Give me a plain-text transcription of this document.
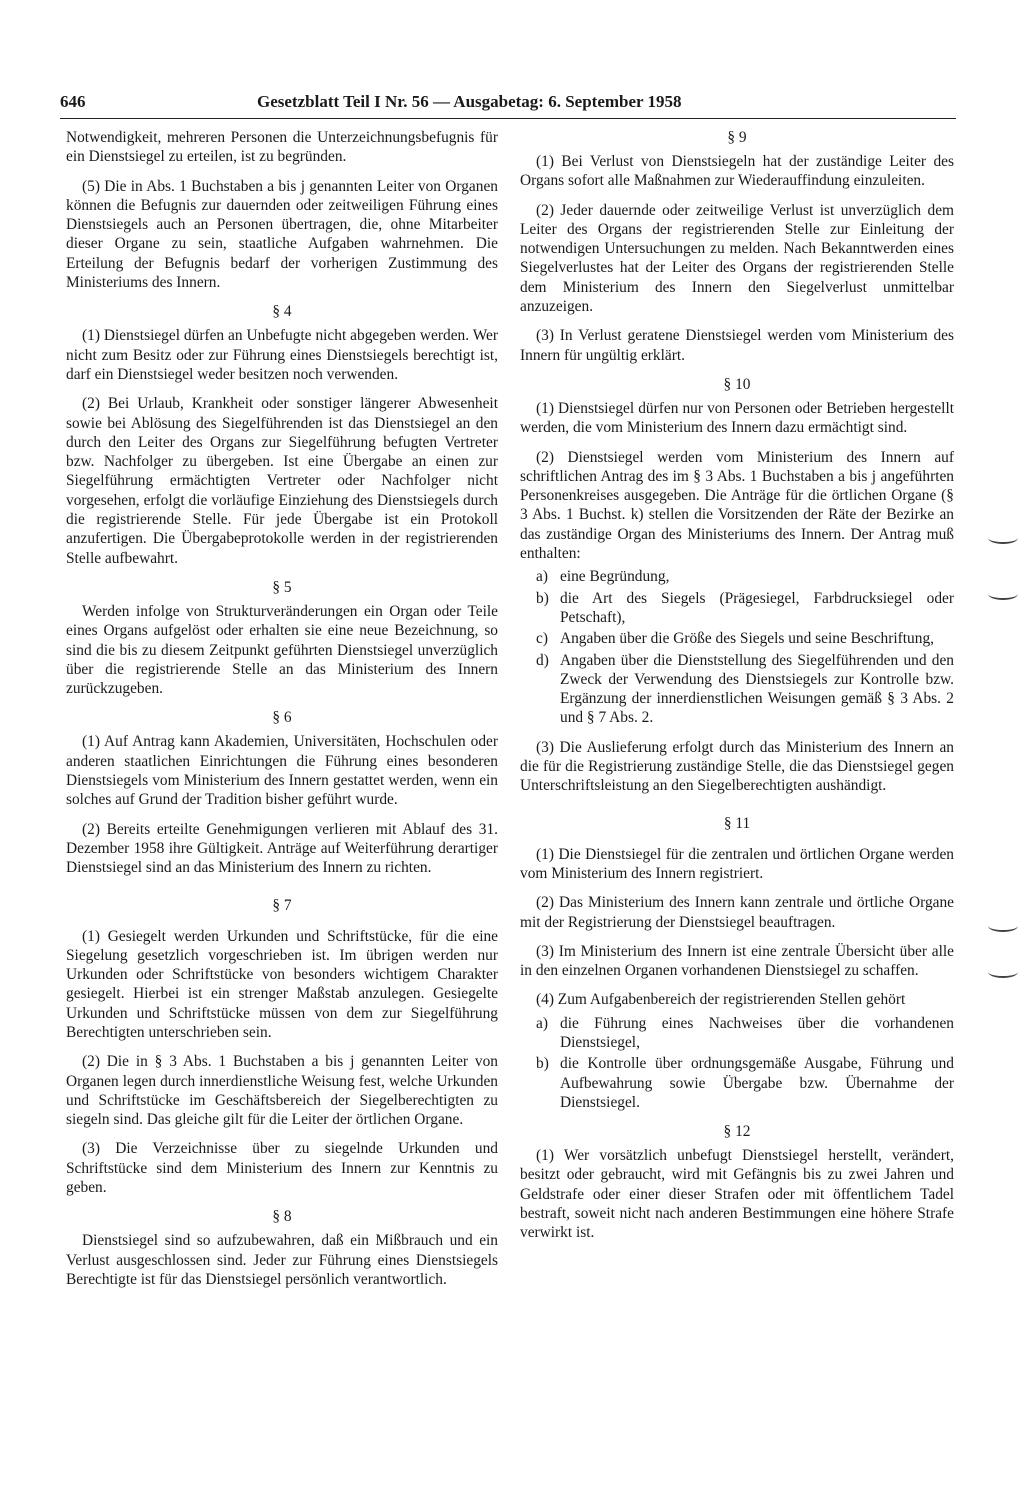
646	Gesetzblatt Teil I Nr. 56 — Ausgabetag: 6. September 1958

Notwendigkeit, mehreren Personen die Unterzeichnungsbefugnis für ein Dienstsiegel zu erteilen, ist zu begründen.

(5) Die in Abs. 1 Buchstaben a bis j genannten Leiter von Organen können die Befugnis zur dauernden oder zeitweiligen Führung eines Dienstsiegels auch an Personen übertragen, die, ohne Mitarbeiter dieser Organe zu sein, staatliche Aufgaben wahrnehmen. Die Erteilung der Befugnis bedarf der vorherigen Zustimmung des Ministeriums des Innern.

§ 4

(1) Dienstsiegel dürfen an Unbefugte nicht abgegeben werden. Wer nicht zum Besitz oder zur Führung eines Dienstsiegels berechtigt ist, darf ein Dienstsiegel weder besitzen noch verwenden.

(2) Bei Urlaub, Krankheit oder sonstiger längerer Abwesenheit sowie bei Ablösung des Siegelführenden ist das Dienstsiegel an den durch den Leiter des Organs zur Siegelführung befugten Vertreter bzw. Nachfolger zu übergeben. Ist eine Übergabe an einen zur Siegelführung ermächtigten Vertreter oder Nachfolger nicht vorgesehen, erfolgt die vorläufige Einziehung des Dienstsiegels durch die registrierende Stelle. Für jede Übergabe ist ein Protokoll anzufertigen. Die Übergabeprotokolle werden in der registrierenden Stelle aufbewahrt.

§ 5

Werden infolge von Strukturveränderungen ein Organ oder Teile eines Organs aufgelöst oder erhalten sie eine neue Bezeichnung, so sind die bis zu diesem Zeitpunkt geführten Dienstsiegel unverzüglich über die registrierende Stelle an das Ministerium des Innern zurückzugeben.

§ 6

(1) Auf Antrag kann Akademien, Universitäten, Hochschulen oder anderen staatlichen Einrichtungen die Führung eines besonderen Dienstsiegels vom Ministerium des Innern gestattet werden, wenn ein solches auf Grund der Tradition bisher geführt wurde.

(2) Bereits erteilte Genehmigungen verlieren mit Ablauf des 31. Dezember 1958 ihre Gültigkeit. Anträge auf Weiterführung derartiger Dienstsiegel sind an das Ministerium des Innern zu richten.

§ 7

(1) Gesiegelt werden Urkunden und Schriftstücke, für die eine Siegelung gesetzlich vorgeschrieben ist. Im übrigen werden nur Urkunden oder Schriftstücke von besonders wichtigem Charakter gesiegelt. Hierbei ist ein strenger Maßstab anzulegen. Gesiegelte Urkunden und Schriftstücke müssen von dem zur Siegelführung Berechtigten unterschrieben sein.

(2) Die in § 3 Abs. 1 Buchstaben a bis j genannten Leiter von Organen legen durch innerdienstliche Weisung fest, welche Urkunden und Schriftstücke im Geschäftsbereich der Siegelberechtigten zu siegeln sind. Das gleiche gilt für die Leiter der örtlichen Organe.

(3) Die Verzeichnisse über zu siegelnde Urkunden und Schriftstücke sind dem Ministerium des Innern zur Kenntnis zu geben.

§ 8

Dienstsiegel sind so aufzubewahren, daß ein Mißbrauch und ein Verlust ausgeschlossen sind. Jeder zur Führung eines Dienstsiegels Berechtigte ist für das Dienstsiegel persönlich verantwortlich.

§ 9

(1) Bei Verlust von Dienstsiegeln hat der zuständige Leiter des Organs sofort alle Maßnahmen zur Wiederauffindung einzuleiten.

(2) Jeder dauernde oder zeitweilige Verlust ist unverzüglich dem Leiter des Organs der registrierenden Stelle zur Einleitung der notwendigen Untersuchungen zu melden. Nach Bekanntwerden eines Siegelverlustes hat der Leiter des Organs der registrierenden Stelle dem Ministerium des Innern den Siegelverlust unmittelbar anzuzeigen.

(3) In Verlust geratene Dienstsiegel werden vom Ministerium des Innern für ungültig erklärt.

§ 10

(1) Dienstsiegel dürfen nur von Personen oder Betrieben hergestellt werden, die vom Ministerium des Innern dazu ermächtigt sind.

(2) Dienstsiegel werden vom Ministerium des Innern auf schriftlichen Antrag des im § 3 Abs. 1 Buchstaben a bis j angeführten Personenkreises ausgegeben. Die Anträge für die örtlichen Organe (§ 3 Abs. 1 Buchst. k) stellen die Vorsitzenden der Räte der Bezirke an das zuständige Organ des Ministeriums des Innern. Der Antrag muß enthalten:

a) eine Begründung,
b) die Art des Siegels (Prägesiegel, Farbdrucksiegel oder Petschaft),
c) Angaben über die Größe des Siegels und seine Beschriftung,
d) Angaben über die Dienststellung des Siegelführenden und den Zweck der Verwendung des Dienstsiegels zur Kontrolle bzw. Ergänzung der innerdienstlichen Weisungen gemäß § 3 Abs. 2 und § 7 Abs. 2.

(3) Die Auslieferung erfolgt durch das Ministerium des Innern an die für die Registrierung zuständige Stelle, die das Dienstsiegel gegen Unterschriftsleistung an den Siegelberechtigten aushändigt.

§ 11

(1) Die Dienstsiegel für die zentralen und örtlichen Organe werden vom Ministerium des Innern registriert.

(2) Das Ministerium des Innern kann zentrale und örtliche Organe mit der Registrierung der Dienstsiegel beauftragen.

(3) Im Ministerium des Innern ist eine zentrale Übersicht über alle in den einzelnen Organen vorhandenen Dienstsiegel zu schaffen.

(4) Zum Aufgabenbereich der registrierenden Stellen gehört

a) die Führung eines Nachweises über die vorhandenen Dienstsiegel,
b) die Kontrolle über ordnungsgemäße Ausgabe, Führung und Aufbewahrung sowie Übergabe bzw. Übernahme der Dienstsiegel.
§ 12

(1) Wer vorsätzlich unbefugt Dienstsiegel herstellt, verändert, besitzt oder gebraucht, wird mit Gefängnis bis zu zwei Jahren und Geldstrafe oder einer dieser Strafen oder mit öffentlichem Tadel bestraft, soweit nicht nach anderen Bestimmungen eine höhere Strafe verwirkt ist.
